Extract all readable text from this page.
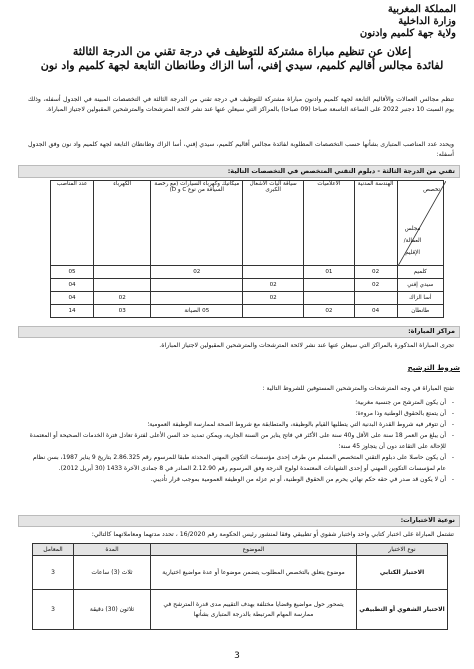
المملكة المغربية
وزارة الداخلية
ولاية جهة كلميم وادنون
إعلان عن تنظيم مباراة مشتركة للتوظيف في درجة تقني من الدرجة الثالثة
لفائدة مجالس أقاليم كلميم، سيدي إفني، أسا الزاك وطانطان التابعة لجهة كلميم واد نون
تنظم مجالس العمالات والأقاليم التابعة لجهة كلميم وادنون مباراة مشتركة للتوظيف في درجة تقني من الدرجة الثالثة في التخصصات المبينة في الجدول أسفله، وذلك يوم السبت 10 دجنبر 2022 على الساعة التاسعة صباحا (09 صباحا) بالمراكز التي سيعلن عنها عند نشر لائحة المترشحات والمترشحين المقبولين لاجتياز المباراة.
ويحدد عدد المناصب المتبارى بشأنها حسب التخصصات المطلوبة لفائدة مجالس أقاليم كلميم، سيدي إفني، أسا الزاك وطانطان التابعة لجهة كلميم واد نون وفق الجدول أسفله:
تقني من الدرجة الثالثة - دبلوم التقني المتخصص في التخصصات التالية:
تخصص
مجلس العمالة/ الإقليم	الهندسة المدنية	الاعلاميات	سياقة آليات الاشغال الكبرى	ميكانيك وكهرباء السيارات (مع رخصة السياقة من نوع C و D)	الكهرباء	عدد المناصب
كلميم	02	01		02		05
سيدي إفني	02		02			04
أسا الزاك			02		02	04
طانطان	04	02		05 الصيانة	03	14
مراكز المباراة:
تجرى المباراة المذكورة بالمراكز التي سيعلن عنها عند نشر لائحة المترشحات والمترشحين المقبولين لاجتياز المباراة.
شروط الترشيح
تفتح المباراة في وجه المترشحات والمترشحين المستوفين للشروط التالية :
- أن يكون المترشح من جنسية مغربية؛
- أن يتمتع بالحقوق الوطنية وذا مروءة؛
- أن تتوفر فيه شروط القدرة البدنية التي يتطلبها القيام بالوظيفة، والمتطابقة مع شروط الصحة لممارسة الوظيفة العمومية؛
- أن يبلغ من العمر 18 سنة على الأقل و40 سنة على الأكثر في فاتح يناير من السنة الجارية، ويمكن تمديد حد السن الأعلى لفترة تعادل فترة الخدمات الصحيحة أو المعتمدة للإحالة على التقاعد دون أن يتجاوز 45 سنة؛
- أن يكون حاصلا على دبلوم التقني المتخصص المسلم من طرف إحدى مؤسسات التكوين المهني المحدثة طبقا للمرسوم رقم 2.86.325 بتاريخ 9 يناير 1987، بسن نظام عام لمؤسسات التكوين المهني أو إحدى الشهادات المعتمدة لولوج الدرجة وفق المرسوم رقم 2.12.90 الصادر في 8 جمادى الآخرة 1433 (30 أبريل 2012).
- أن لا يكون قد صدر في حقه حكم نهائي يحرم من الحقوق الوطنية، أو تم عزله من الوظيفة العمومية بموجب قرار تأديبي.
نوعية الاختبارات:
تشتمل المباراة على اختبار كتابي واحد واختبار شفوي أو تطبيقي وفقا لمنشور رئيس الحكومة رقم 16/2020 ، تحدد مدتهما ومعاملاتهما كالتالي:
نوع الاختبار	الموضوع	المدة	المعامل
الاختبار الكتابي	موضوع يتعلق بالتخصص المطلوب يتضمن موضوعا أو عدة مواضيع اختيارية	ثلاث (3) ساعات	3
الاختبار الشفوي أو التطبيقي	يتمحور حول مواضيع وقضايا مختلفة بهدف التقييم مدى قدرة المترشح في ممارسة المهام المرتبطة بالدرجة المتبارى بشأنها	ثلاثون (30) دقيقة	3
3
